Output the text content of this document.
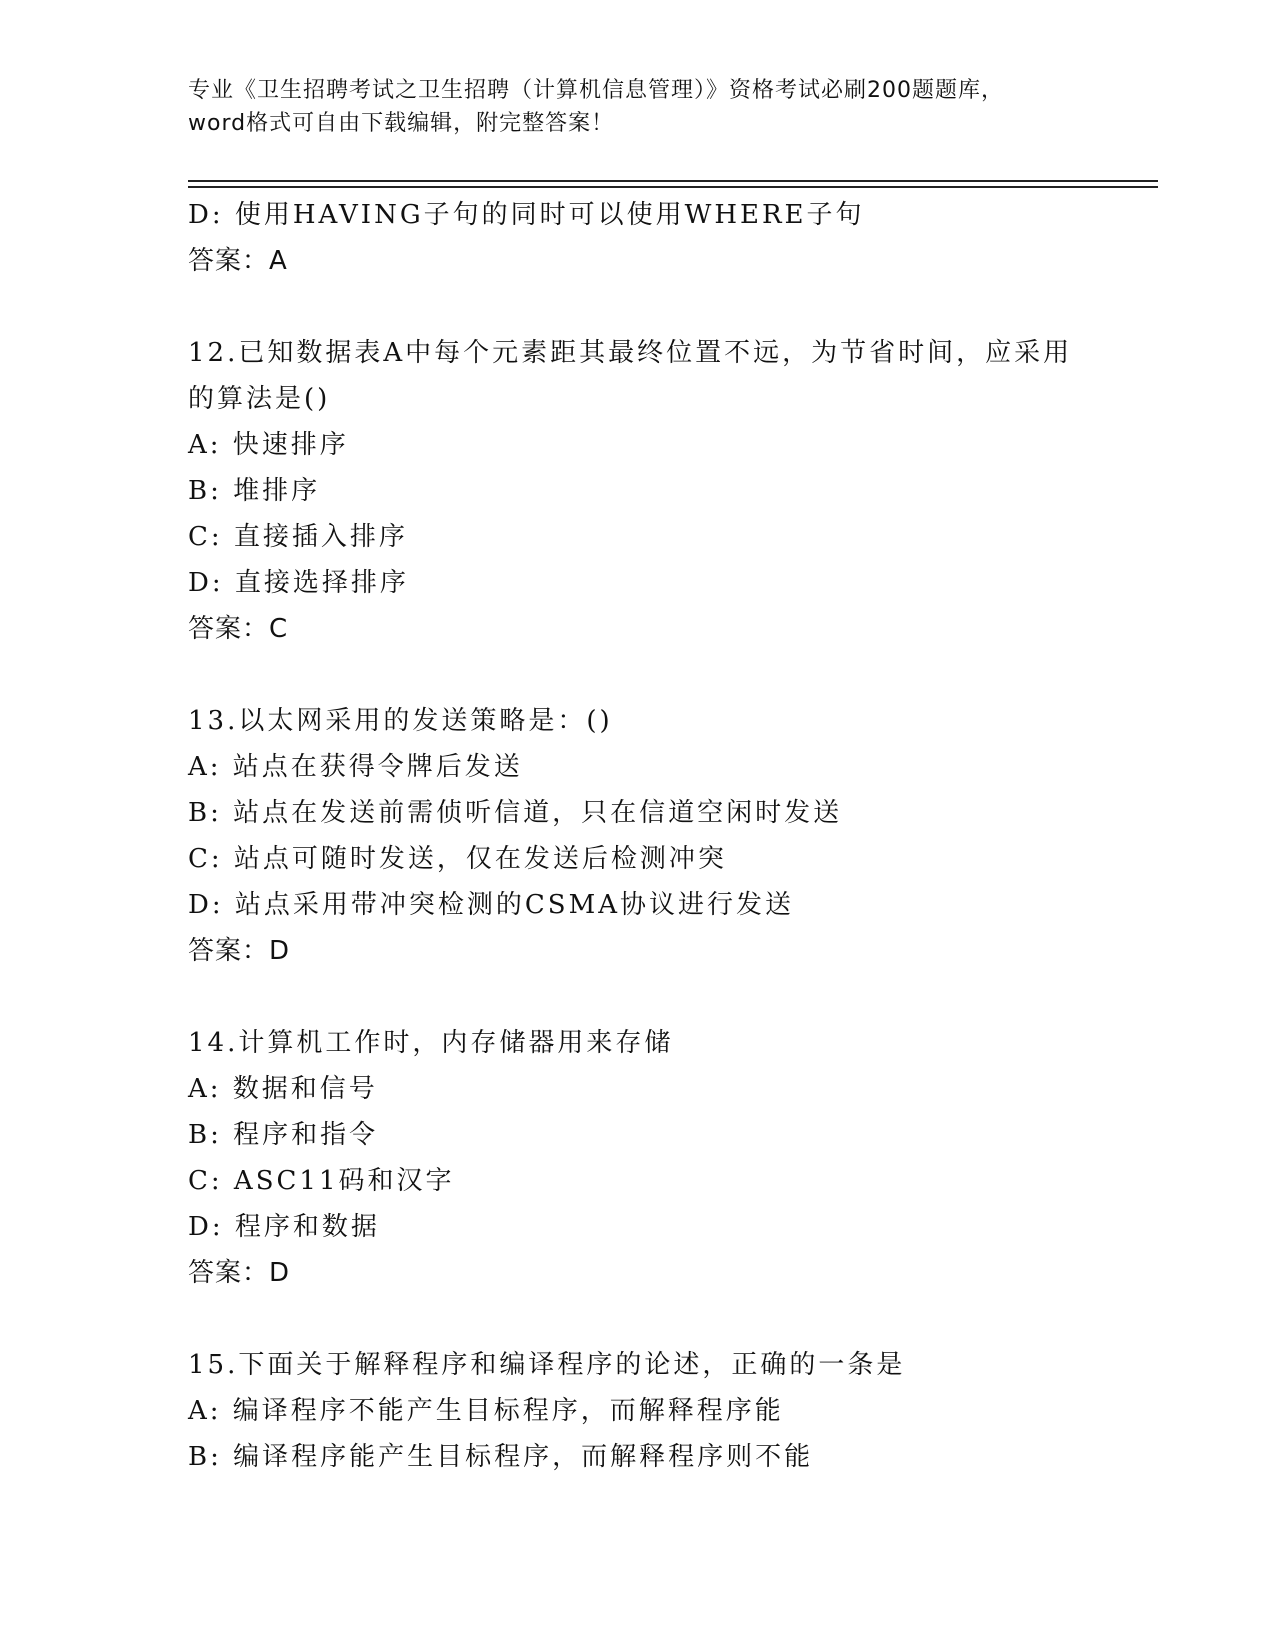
专业《卫生招聘考试之卫生招聘（计算机信息管理）》资格考试必刷200题题库，
word格式可自由下载编辑，附完整答案！
D: 使用HAVING子句的同时可以使用WHERE子句
答案：A
12.已知数据表A中每个元素距其最终位置不远，为节省时间，应采用
的算法是()
A: 快速排序
B: 堆排序
C: 直接插入排序
D: 直接选择排序
答案：C
13.以太网采用的发送策略是：()
A: 站点在获得令牌后发送
B: 站点在发送前需侦听信道，只在信道空闲时发送
C: 站点可随时发送，仅在发送后检测冲突
D: 站点采用带冲突检测的CSMA协议进行发送
答案：D
14.计算机工作时，内存储器用来存储
A: 数据和信号
B: 程序和指令
C: ASC11码和汉字
D: 程序和数据
答案：D
15.下面关于解释程序和编译程序的论述，正确的一条是
A: 编译程序不能产生目标程序，而解释程序能
B: 编译程序能产生目标程序，而解释程序则不能
